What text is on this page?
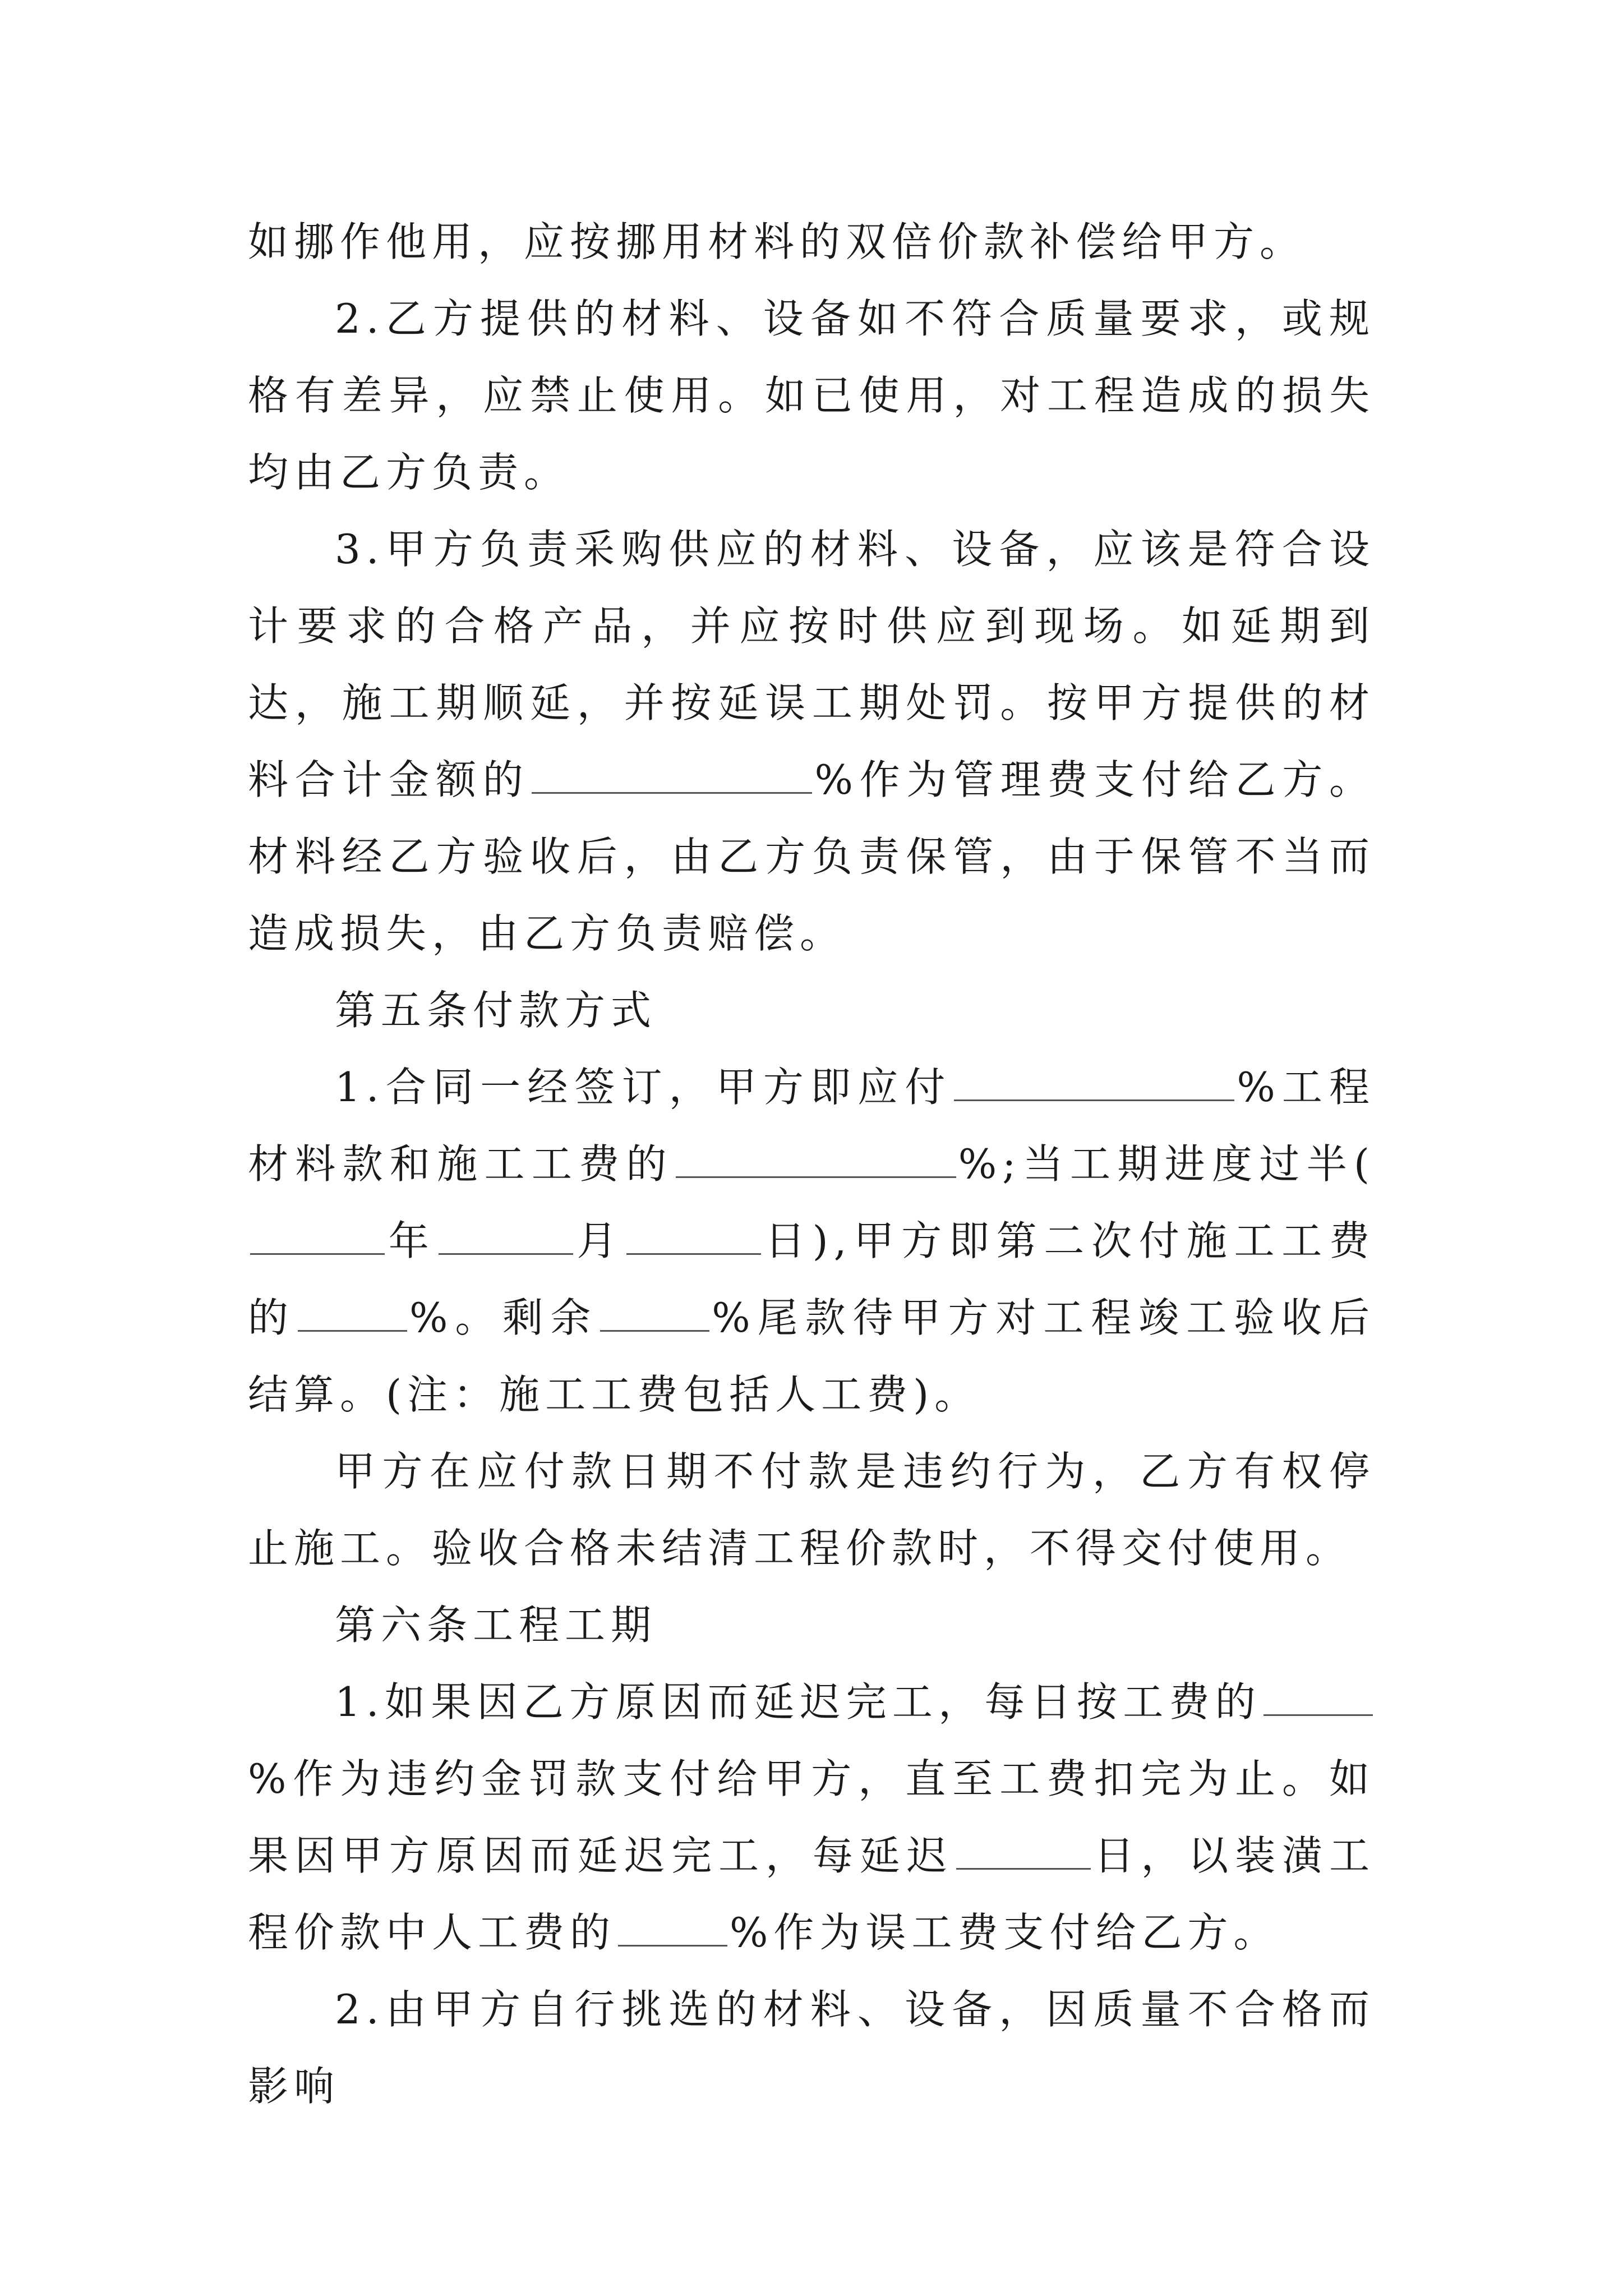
如挪作他用，应按挪用材料的双倍价款补偿给甲方。

2.乙方提供的材料、设备如不符合质量要求，或规格有差异，应禁止使用。如已使用，对工程造成的损失均由乙方负责。

3.甲方负责采购供应的材料、设备，应该是符合设计要求的合格产品，并应按时供应到现场。如延期到达，施工期顺延，并按延误工期处罚。按甲方提供的材料合计金额的	%作为管理费支付给乙方。材料经乙方验收后，由乙方负责保管，由于保管不当而造成损失，由乙方负责赔偿。

第五条付款方式

1.合同一经签订，甲方即应付	%工程材料款和施工工费的	%;当工期进度过半(年	月	日),甲方即第二次付施工工费的	%。剩余	%尾款待甲方对工程竣工验收后结算。(注：施工工费包括人工费)。

甲方在应付款日期不付款是违约行为，乙方有权停止施工。验收合格未结清工程价款时，不得交付使用。

第六条工程工期

1.如果因乙方原因而延迟完工，每日按工费的%作为违约金罚款支付给甲方，直至工费扣完为止。如果因甲方原因而延迟完工，每延迟	日，以装潢工程价款中人工费的	%作为误工费支付给乙方。

2.由甲方自行挑选的材料、设备，因质量不合格而影响
